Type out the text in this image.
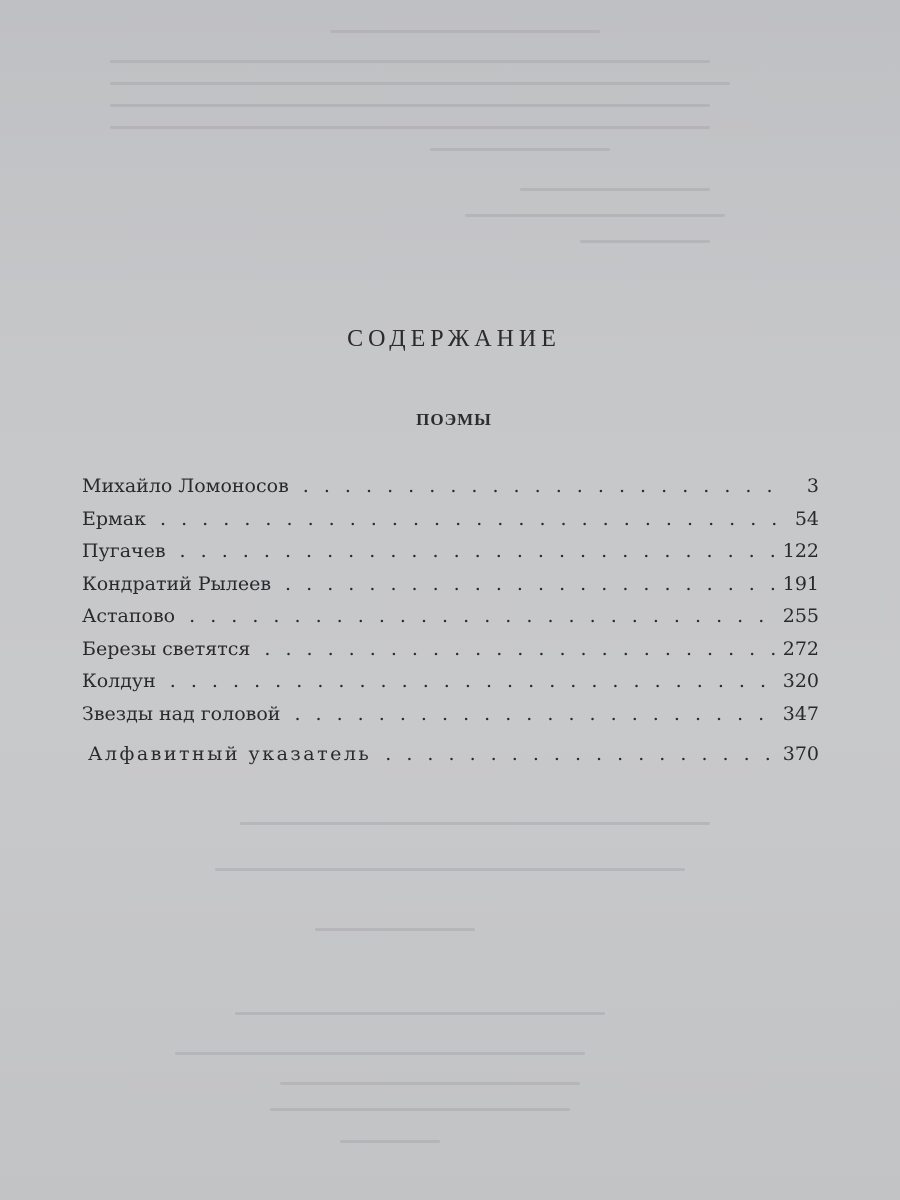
СОДЕРЖАНИЕ
ПОЭМЫ
Михайло Ломоносов . . .	3
Ермак . . .	54
Пугачев . . .	122
Кондратий Рылеев . . .	191
Астапово . . .	255
Березы светятся . . .	272
Колдун . . .	320
Звезды над головой . . .	347
Алфавитный указатель . . .	370
